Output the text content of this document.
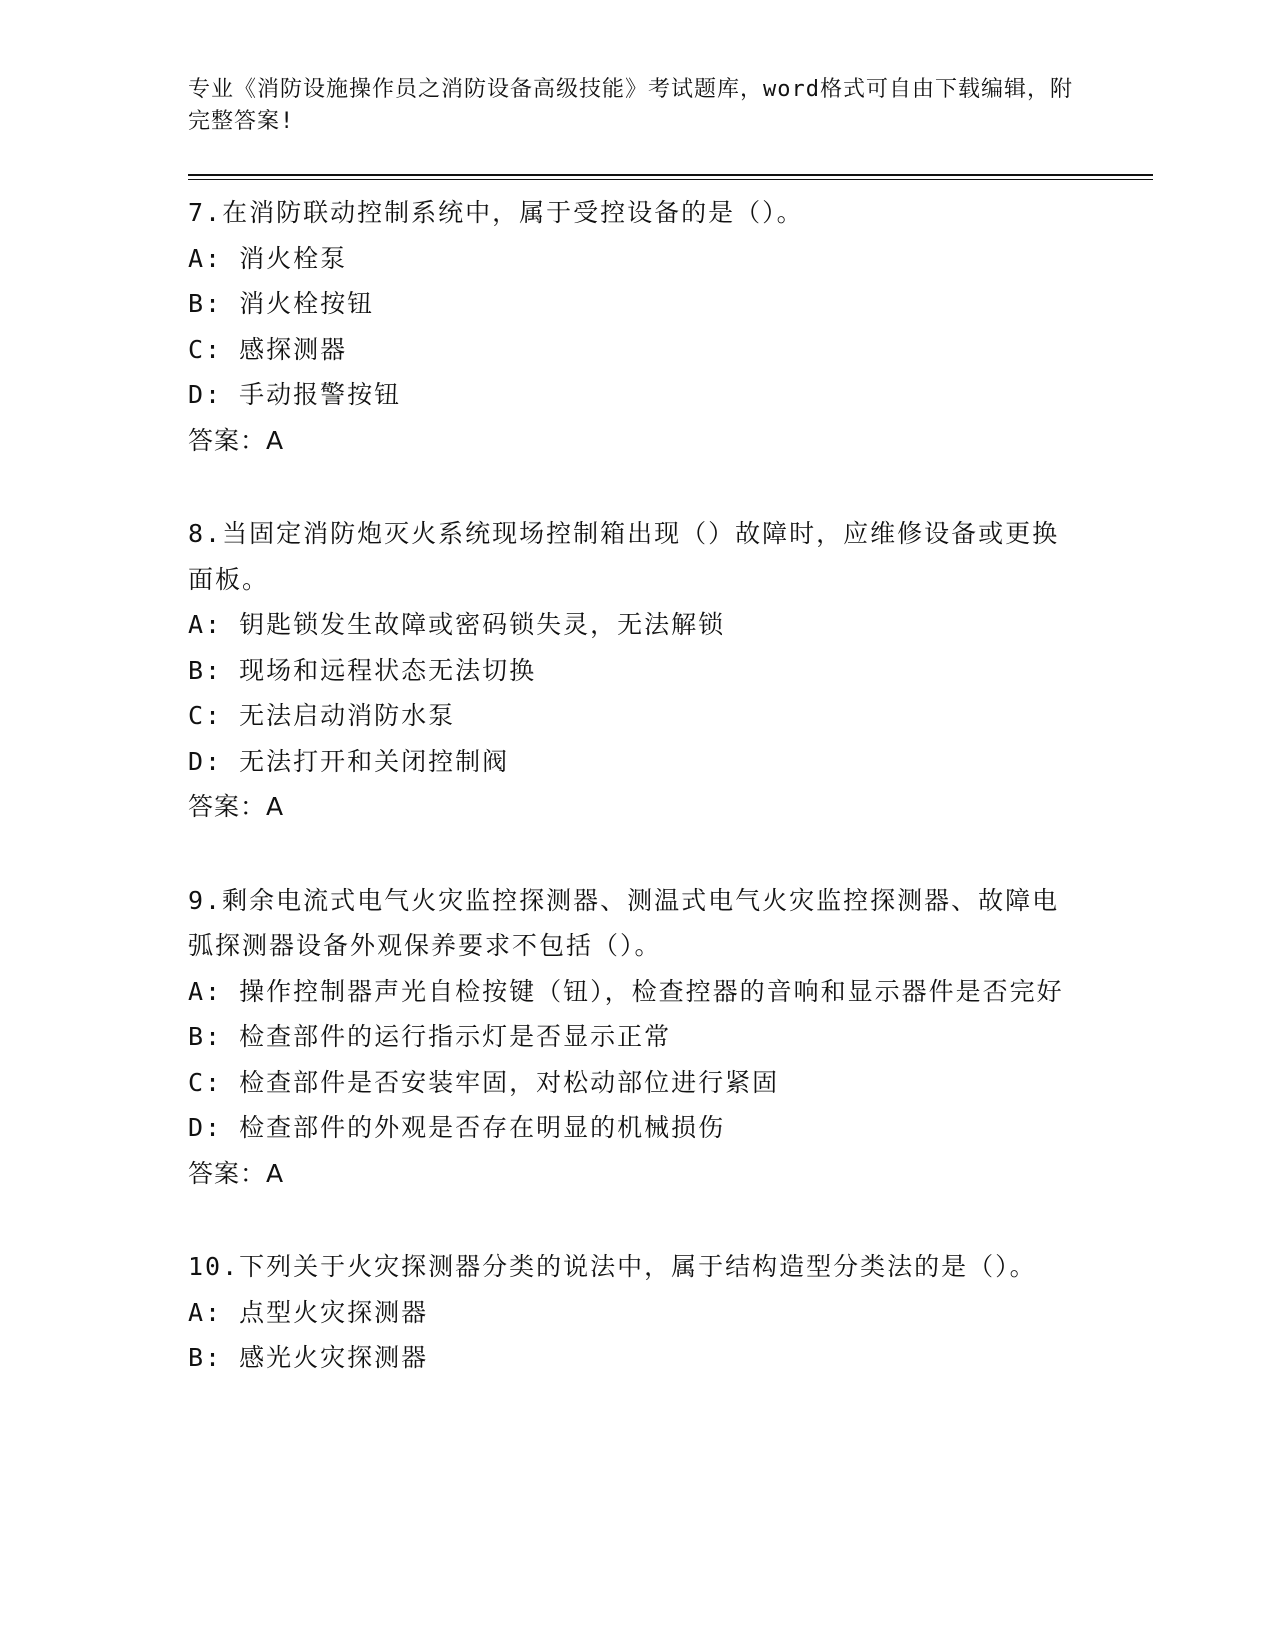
专业《消防设施操作员之消防设备高级技能》考试题库，word格式可自由下载编辑，附完整答案!
7.在消防联动控制系统中，属于受控设备的是（）。
A: 消火栓泵
B: 消火栓按钮
C: 感探测器
D: 手动报警按钮
答案：A
8.当固定消防炮灭火系统现场控制箱出现（）故障时，应维修设备或更换面板。
A: 钥匙锁发生故障或密码锁失灵，无法解锁
B: 现场和远程状态无法切换
C: 无法启动消防水泵
D: 无法打开和关闭控制阀
答案：A
9.剩余电流式电气火灾监控探测器、测温式电气火灾监控探测器、故障电弧探测器设备外观保养要求不包括（）。
A: 操作控制器声光自检按键（钮），检查控器的音响和显示器件是否完好
B: 检查部件的运行指示灯是否显示正常
C: 检查部件是否安装牢固，对松动部位进行紧固
D: 检查部件的外观是否存在明显的机械损伤
答案：A
10.下列关于火灾探测器分类的说法中，属于结构造型分类法的是（）。
A: 点型火灾探测器
B: 感光火灾探测器
